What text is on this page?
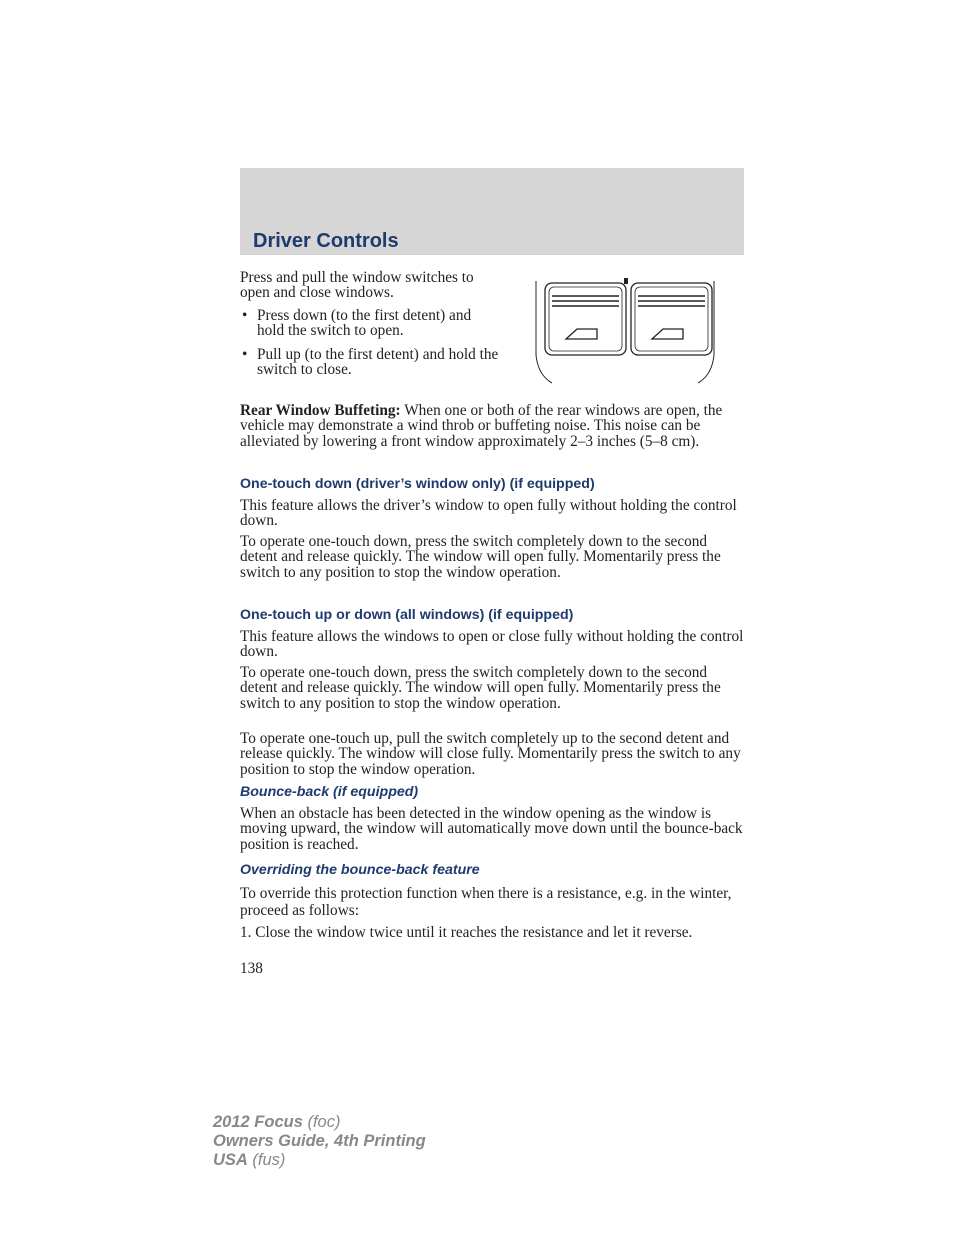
Driver Controls

Press and pull the window switches to open and close windows.

• Press down (to the first detent) and hold the switch to open.
• Pull up (to the first detent) and hold the switch to close.

Rear Window Buffeting: When one or both of the rear windows are open, the vehicle may demonstrate a wind throb or buffeting noise. This noise can be alleviated by lowering a front window approximately 2–3 inches (5–8 cm).

One-touch down (driver’s window only) (if equipped)

This feature allows the driver’s window to open fully without holding the control down.

To operate one-touch down, press the switch completely down to the second detent and release quickly. The window will open fully. Momentarily press the switch to any position to stop the window operation.

One-touch up or down (all windows) (if equipped)

This feature allows the windows to open or close fully without holding the control down.

To operate one-touch down, press the switch completely down to the second detent and release quickly. The window will open fully. Momentarily press the switch to any position to stop the window operation.

To operate one-touch up, pull the switch completely up to the second detent and release quickly. The window will close fully. Momentarily press the switch to any position to stop the window operation.

Bounce-back (if equipped)

When an obstacle has been detected in the window opening as the window is moving upward, the window will automatically move down until the bounce-back position is reached.

Overriding the bounce-back feature

To override this protection function when there is a resistance, e.g. in the winter, proceed as follows:

1. Close the window twice until it reaches the resistance and let it reverse.

138

2012 Focus (foc)
Owners Guide, 4th Printing
USA (fus)
